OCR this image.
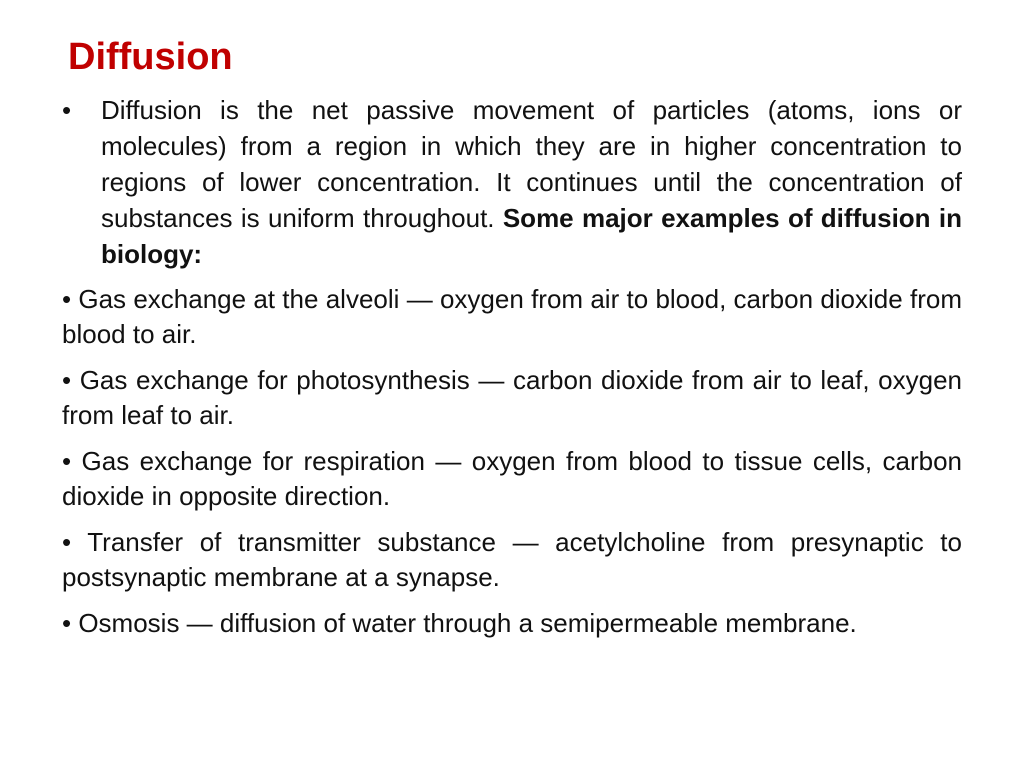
Diffusion
• Diffusion is the net passive movement of particles (atoms, ions or molecules) from a region in which they are in higher concentration to regions of lower concentration. It continues until the concentration of substances is uniform throughout. Some major examples of diffusion in biology:

• Gas exchange at the alveoli — oxygen from air to blood, carbon dioxide from blood to air.
• Gas exchange for photosynthesis — carbon dioxide from air to leaf, oxygen from leaf to air.
• Gas exchange for respiration — oxygen from blood to tissue cells, carbon dioxide in opposite direction.
• Transfer of transmitter substance — acetylcholine from presynaptic to postsynaptic membrane at a synapse.
• Osmosis — diffusion of water through a semipermeable membrane.
